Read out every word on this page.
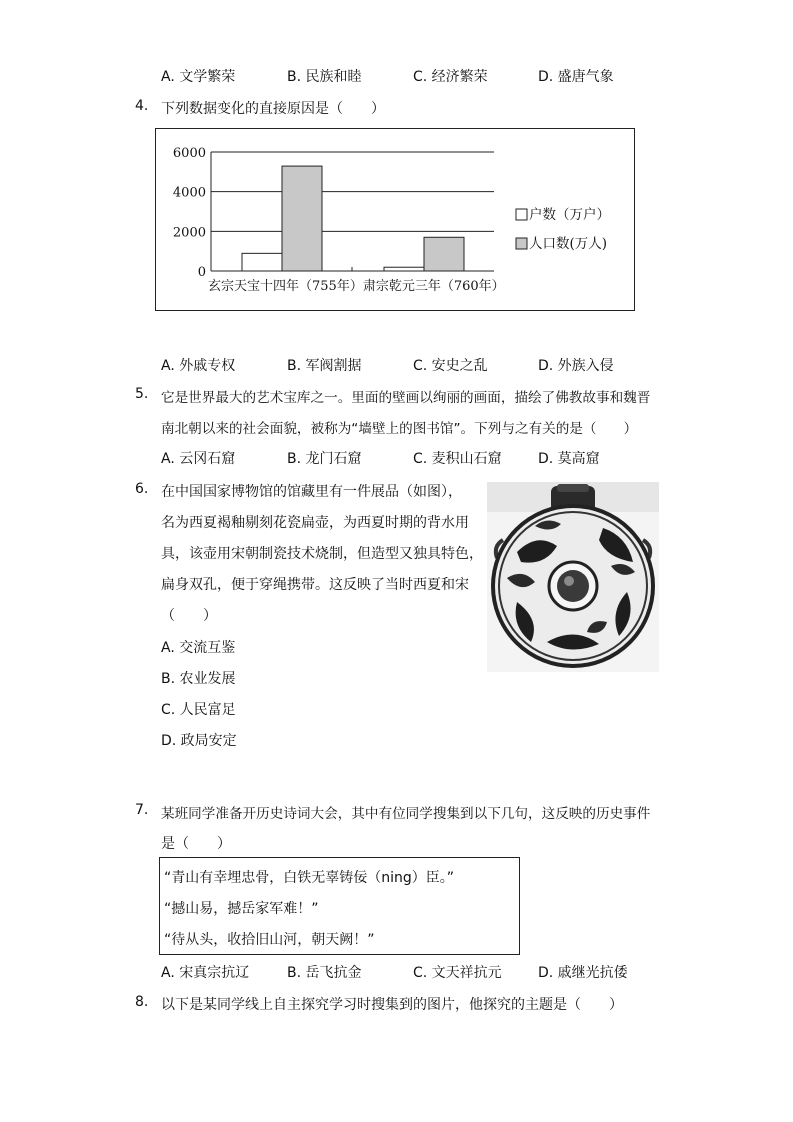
A. 文学繁荣	B. 民族和睦	C. 经济繁荣	D. 盛唐气象
4. 下列数据变化的直接原因是（　　）
6000
4000
2000
0
户数（万户）
人口数(万人)
玄宗天宝十四年（755年）肃宗乾元三年（760年）
A. 外戚专权	B. 军阀割据	C. 安史之乱	D. 外族入侵
5. 它是世界最大的艺术宝库之一。里面的壁画以绚丽的画面，描绘了佛教故事和魏晋
南北朝以来的社会面貌，被称为“墙壁上的图书馆”。下列与之有关的是（　　）
A. 云冈石窟	B. 龙门石窟	C. 麦积山石窟	D. 莫高窟
6. 在中国国家博物馆的馆藏里有一件展品（如图），
名为西夏褐釉剔刻花瓷扁壶，为西夏时期的背水用
具，该壶用宋朝制瓷技术烧制，但造型又独具特色，
扁身双孔，便于穿绳携带。这反映了当时西夏和宋
（　　）
A. 交流互鉴
B. 农业发展
C. 人民富足
D. 政局安定
7. 某班同学准备开历史诗词大会，其中有位同学搜集到以下几句，这反映的历史事件
是（　　）
“青山有幸埋忠骨，白铁无辜铸佞（ning）臣。”
“撼山易，撼岳家军难！”
“待从头，收拾旧山河，朝天阙！”
A. 宋真宗抗辽	B. 岳飞抗金	C. 文天祥抗元	D. 戚继光抗倭
8. 以下是某同学线上自主探究学习时搜集到的图片，他探究的主题是（　　）
